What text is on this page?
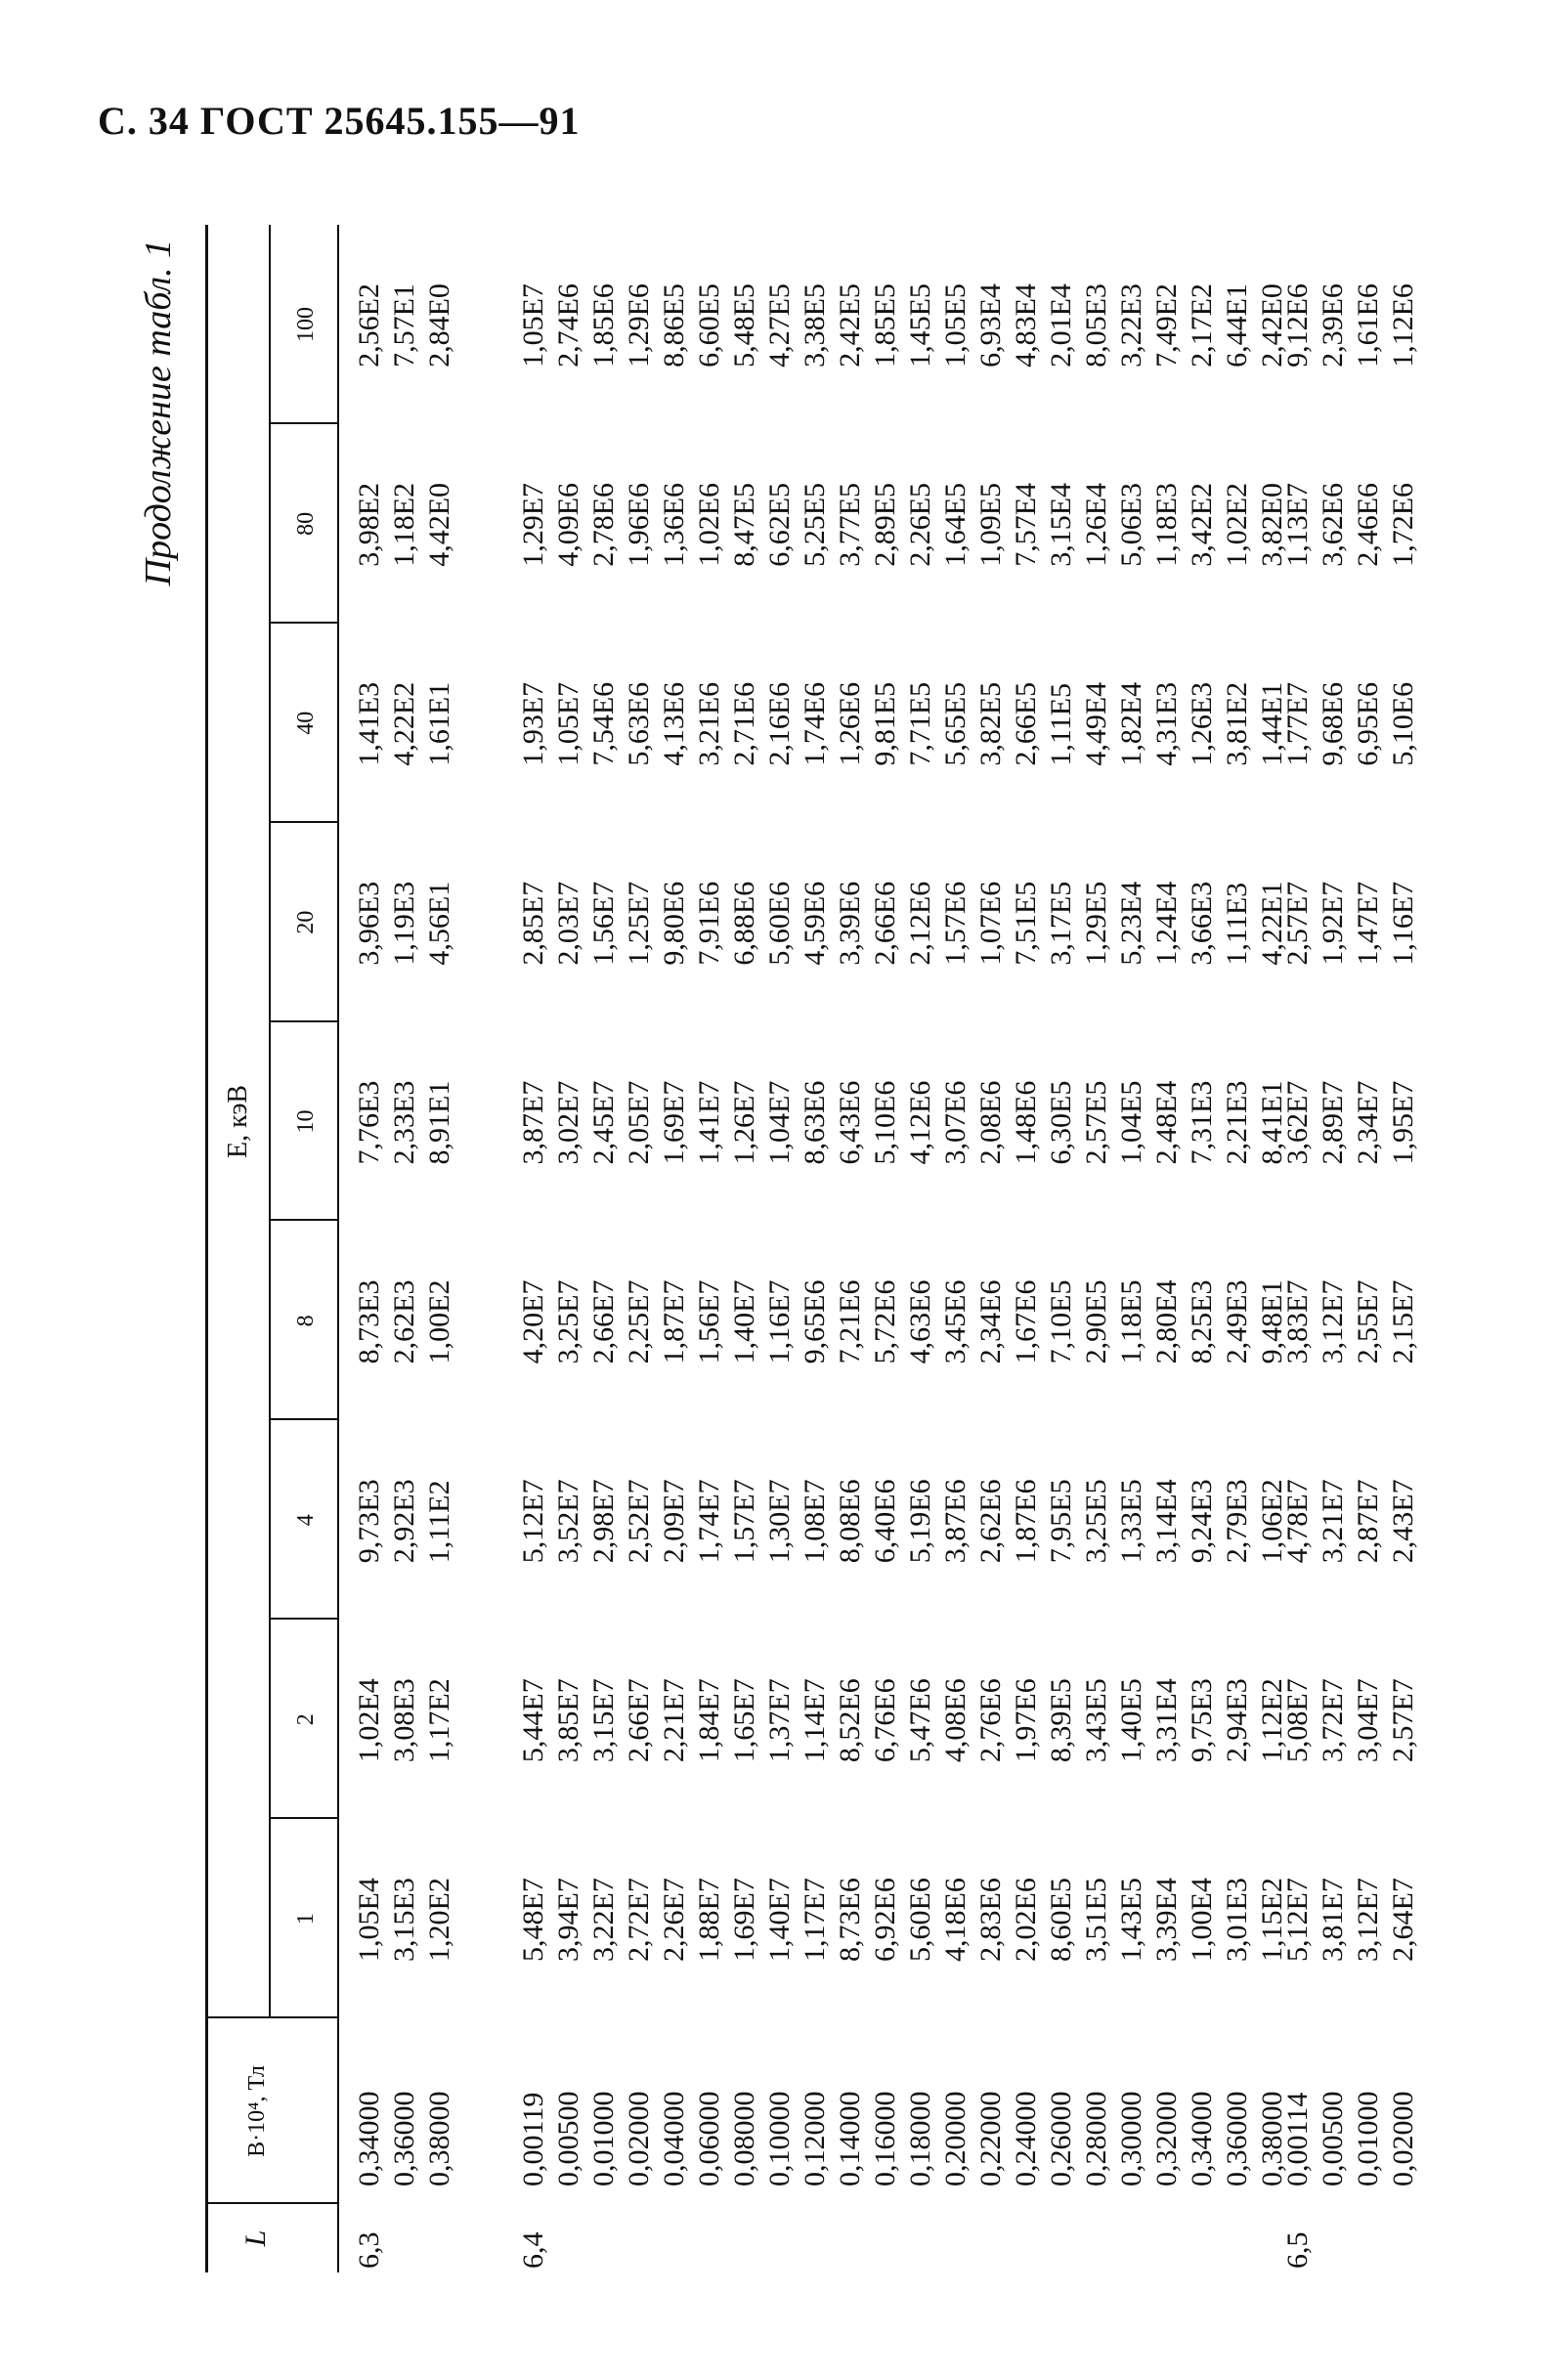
С. 34 ГОСТ 25645.155—91
Продолжение табл. 1
L
B·10⁴, Тл
E, кэВ
1
2
4
8
10
20
40
80
100
6,3
0,34000 0,36000 0,38000
1,05E4 3,15E3 1,20E2
1,02E4 3,08E3 1,17E2
9,73E3 2,92E3 1,11E2
8,73E3 2,62E3 1,00E2
7,76E3 2,33E3 8,91E1
3,96E3 1,19E3 4,56E1
1,41E3 4,22E2 1,61E1
3,98E2 1,18E2 4,42E0
2,56E2 7,57E1 2,84E0
6,4
0,00119 0,00500 0,01000 0,02000 0,04000 0,06000 0,08000 0,10000 0,12000 0,14000 0,16000 0,18000 0,20000 0,22000 0,24000 0,26000 0,28000 0,30000 0,32000 0,34000 0,36000 0,38000
5,48E7 3,94E7 3,22E7 2,72E7 2,26E7 1,88E7 1,69E7 1,40E7 1,17E7 8,73E6 6,92E6 5,60E6 4,18E6 2,83E6 2,02E6 8,60E5 3,51E5 1,43E5 3,39E4 1,00E4 3,01E3 1,15E2
5,44E7 3,85E7 3,15E7 2,66E7 2,21E7 1,84E7 1,65E7 1,37E7 1,14E7 8,52E6 6,76E6 5,47E6 4,08E6 2,76E6 1,97E6 8,39E5 3,43E5 1,40E5 3,31E4 9,75E3 2,94E3 1,12E2
5,12E7 3,52E7 2,98E7 2,52E7 2,09E7 1,74E7 1,57E7 1,30E7 1,08E7 8,08E6 6,40E6 5,19E6 3,87E6 2,62E6 1,87E6 7,95E5 3,25E5 1,33E5 3,14E4 9,24E3 2,79E3 1,06E2
4,20E7 3,25E7 2,66E7 2,25E7 1,87E7 1,56E7 1,40E7 1,16E7 9,65E6 7,21E6 5,72E6 4,63E6 3,45E6 2,34E6 1,67E6 7,10E5 2,90E5 1,18E5 2,80E4 8,25E3 2,49E3 9,48E1
3,87E7 3,02E7 2,45E7 2,05E7 1,69E7 1,41E7 1,26E7 1,04E7 8,63E6 6,43E6 5,10E6 4,12E6 3,07E6 2,08E6 1,48E6 6,30E5 2,57E5 1,04E5 2,48E4 7,31E3 2,21E3 8,41E1
2,85E7 2,03E7 1,56E7 1,25E7 9,80E6 7,91E6 6,88E6 5,60E6 4,59E6 3,39E6 2,66E6 2,12E6 1,57E6 1,07E6 7,51E5 3,17E5 1,29E5 5,23E4 1,24E4 3,66E3 1,11E3 4,22E1
1,93E7 1,05E7 7,54E6 5,63E6 4,13E6 3,21E6 2,71E6 2,16E6 1,74E6 1,26E6 9,81E5 7,71E5 5,65E5 3,82E5 2,66E5 1,11E5 4,49E4 1,82E4 4,31E3 1,26E3 3,81E2 1,44E1
1,29E7 4,09E6 2,78E6 1,96E6 1,36E6 1,02E6 8,47E5 6,62E5 5,25E5 3,77E5 2,89E5 2,26E5 1,64E5 1,09E5 7,57E4 3,15E4 1,26E4 5,06E3 1,18E3 3,42E2 1,02E2 3,82E0
1,05E7 2,74E6 1,85E6 1,29E6 8,86E5 6,60E5 5,48E5 4,27E5 3,38E5 2,42E5 1,85E5 1,45E5 1,05E5 6,93E4 4,83E4 2,01E4 8,05E3 3,22E3 7,49E2 2,17E2 6,44E1 2,42E0
6,5
0,00114 0,00500 0,01000 0,02000
5,12E7 3,81E7 3,12E7 2,64E7
5,08E7 3,72E7 3,04E7 2,57E7
4,78E7 3,21E7 2,87E7 2,43E7
3,83E7 3,12E7 2,55E7 2,15E7
3,62E7 2,89E7 2,34E7 1,95E7
2,57E7 1,92E7 1,47E7 1,16E7
1,77E7 9,68E6 6,95E6 5,10E6
1,13E7 3,62E6 2,46E6 1,72E6
9,12E6 2,39E6 1,61E6 1,12E6
